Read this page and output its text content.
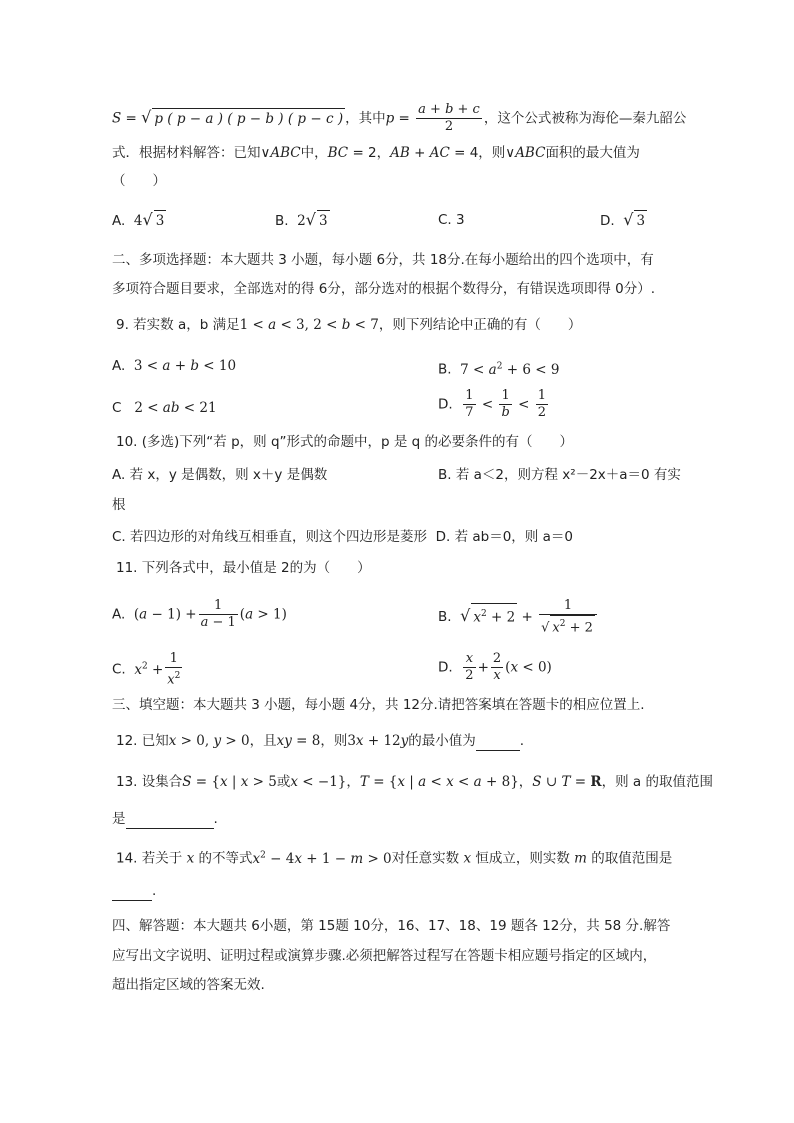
S = √ p ( p − a ) ( p − b ) ( p − c ) ，其中$p = \frac{a + b + c}{2}$ ，这个公式被称为海伦—秦九韶公
式．根据材料解答：已知∨ABC中，BC = 2，AB + AC = 4，则∨ABC面积的最大值为
（　　）
A. 4√ 3	B. 2√ 3	C. 3	D. √ 3
二、多项选择题：本大题共 3 小题，每小题 6分，共 18分.在每小题给出的四个选项中，有
多项符合题目要求，全部选对的得 6分，部分选对的根据个数得分，有错误选项即得 0分）.
9. 若实数 a，b 满足1 < a < 3, 2 < b < 7，则下列结论中正确的有（　　）
A. 3 < a + b < 10	B. $7 < a^2 + 6 < 9$
C 2 < ab < 21	D. $\frac{1}{7} < \frac{1}{b} < \frac{1}{2}$
10. (多选)下列“若 p，则 q”形式的命题中，p 是 q 的必要条件的有（　　）
A. 若 x，y 是偶数，则 x＋y 是偶数	B. 若 a＜2，则方程 x²－2x＋a＝0 有实
根
C. 若四边形的对角线互相垂直，则这个四边形是菱形 D. 若 ab＝0，则 a＝0
11. 下列各式中，最小值是 2的为（　　）
A. $(a - 1) + \frac{1}{a - 1} (a > 1)$	B. √ $x^2 + 2 + \frac{1}{√ x^2 + 2}$
C. $x^2 + \frac{1}{x^2}$	D. $\frac{x}{2} + \frac{2}{x} (x < 0)$
三、填空题：本大题共 3 小题，每小题 4分，共 12分.请把答案填在答题卡的相应位置上.
12. 已知x > 0, y > 0，且xy = 8，则3x + 12y的最小值为	.
13. 设集合S = {x | x > 5或x < −1}，T = {x | a < x < a + 8}，S ∪ T = R，则 a 的取值范围
是	.
14. 若关于 x 的不等式$x^2 - 4x + 1 - m > 0$对任意实数 x 恒成立，则实数 m 的取值范围是
.
四、解答题：本大题共 6小题，第 15题 10分，16、17、18、19 题各 12分，共 58 分.解答
应写出文字说明、证明过程或演算步骤.必须把解答过程写在答题卡相应题号指定的区域内，
超出指定区域的答案无效.
